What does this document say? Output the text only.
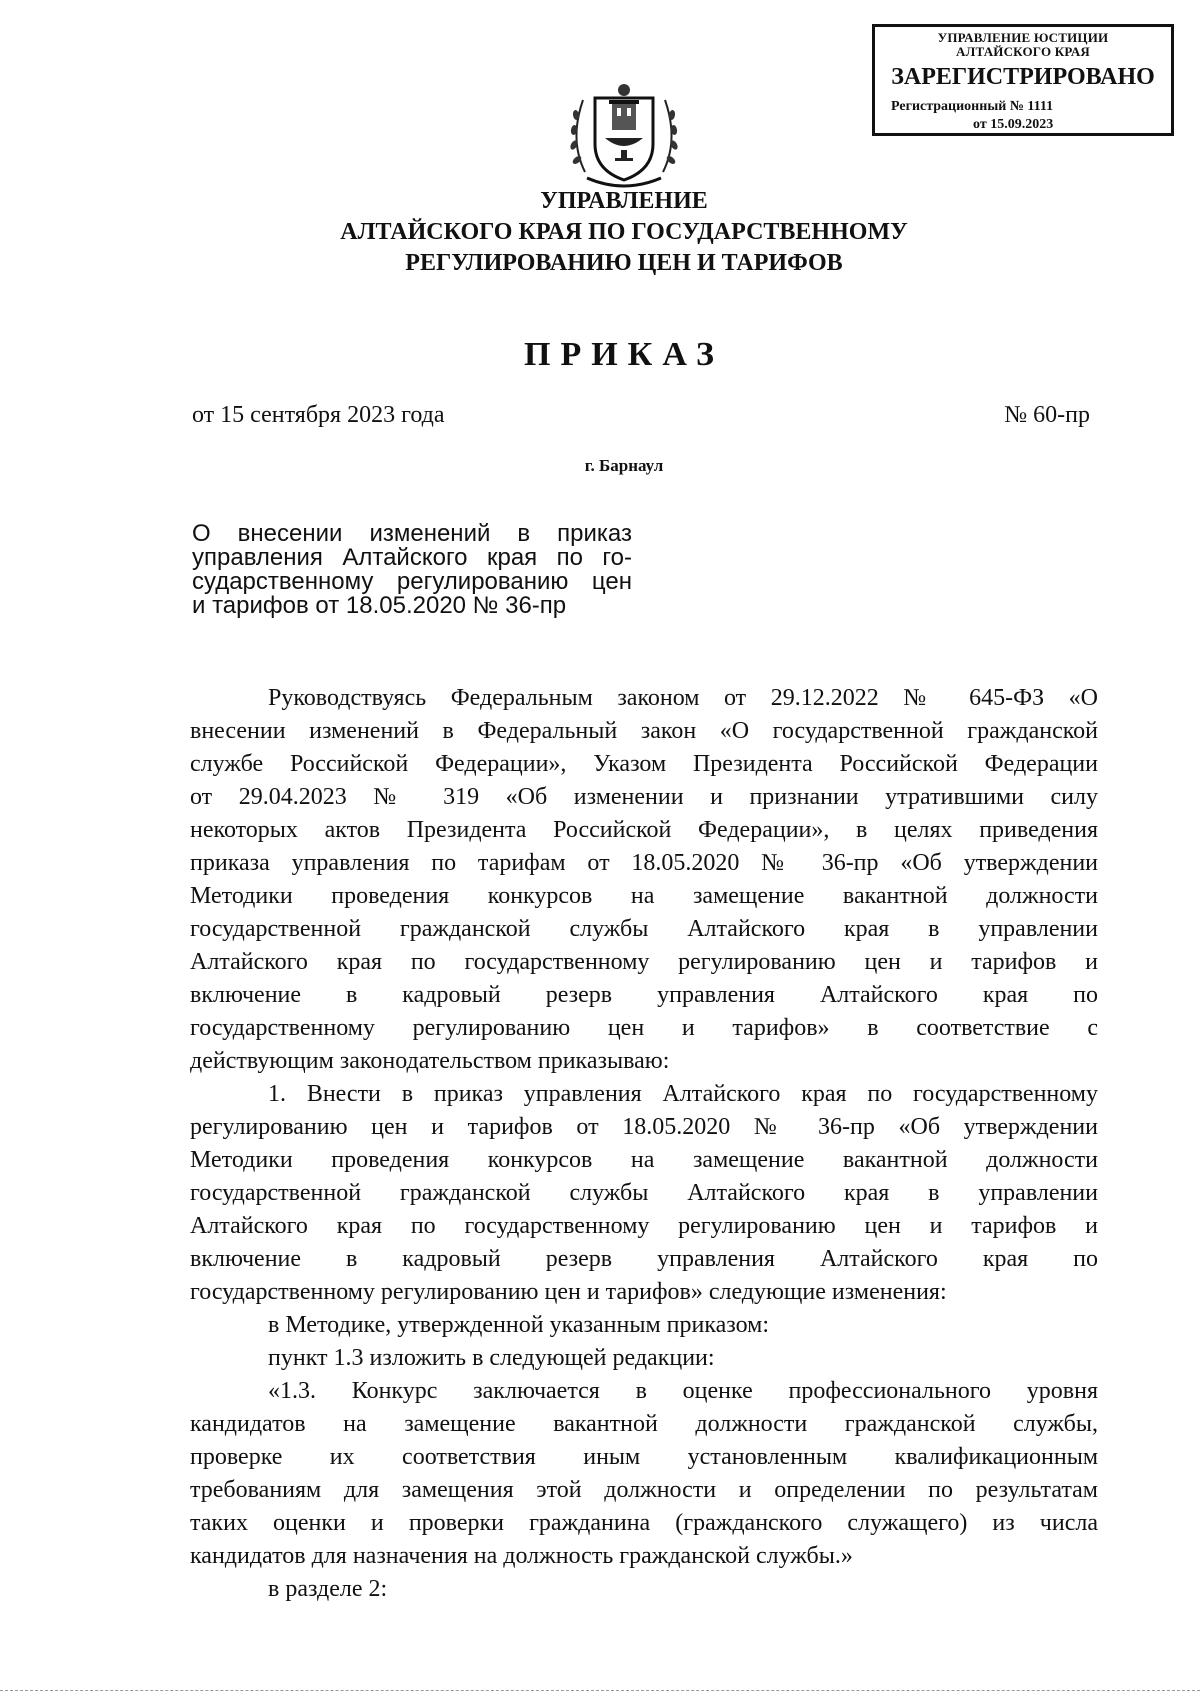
УПРАВЛЕНИЕ ЮСТИЦИИ
АЛТАЙСКОГО КРАЯ
ЗАРЕГИСТРИРОВАНО
Регистрационный № 1111
от 15.09.2023
УПРАВЛЕНИЕ
АЛТАЙСКОГО КРАЯ ПО ГОСУДАРСТВЕННОМУ
РЕГУЛИРОВАНИЮ ЦЕН И ТАРИФОВ
ПРИКАЗ
от 15 сентября 2023 года	№ 60-пр
г. Барнаул
О внесении изменений в приказ
управления Алтайского края по го-
сударственному регулированию цен
и тарифов от 18.05.2020 № 36-пр
Руководствуясь Федеральным законом от 29.12.2022 № 645-ФЗ «О
внесении изменений в Федеральный закон «О государственной гражданской
службе Российской Федерации», Указом Президента Российской Федерации
от 29.04.2023 № 319 «Об изменении и признании утратившими силу
некоторых актов Президента Российской Федерации», в целях приведения
приказа управления по тарифам от 18.05.2020 № 36-пр «Об утверждении
Методики проведения конкурсов на замещение вакантной должности
государственной гражданской службы Алтайского края в управлении
Алтайского края по государственному регулированию цен и тарифов и
включение в кадровый резерв управления Алтайского края по
государственному регулированию цен и тарифов» в соответствие с
действующим законодательством приказываю:
1. Внести в приказ управления Алтайского края по государственному
регулированию цен и тарифов от 18.05.2020 № 36-пр «Об утверждении
Методики проведения конкурсов на замещение вакантной должности
государственной гражданской службы Алтайского края в управлении
Алтайского края по государственному регулированию цен и тарифов и
включение в кадровый резерв управления Алтайского края по
государственному регулированию цен и тарифов» следующие изменения:
в Методике, утвержденной указанным приказом:
пункт 1.3 изложить в следующей редакции:
«1.3. Конкурс заключается в оценке профессионального уровня
кандидатов на замещение вакантной должности гражданской службы,
проверке их соответствия иным установленным квалификационным
требованиям для замещения этой должности и определении по результатам
таких оценки и проверки гражданина (гражданского служащего) из числа
кандидатов для назначения на должность гражданской службы.»
в разделе 2:
